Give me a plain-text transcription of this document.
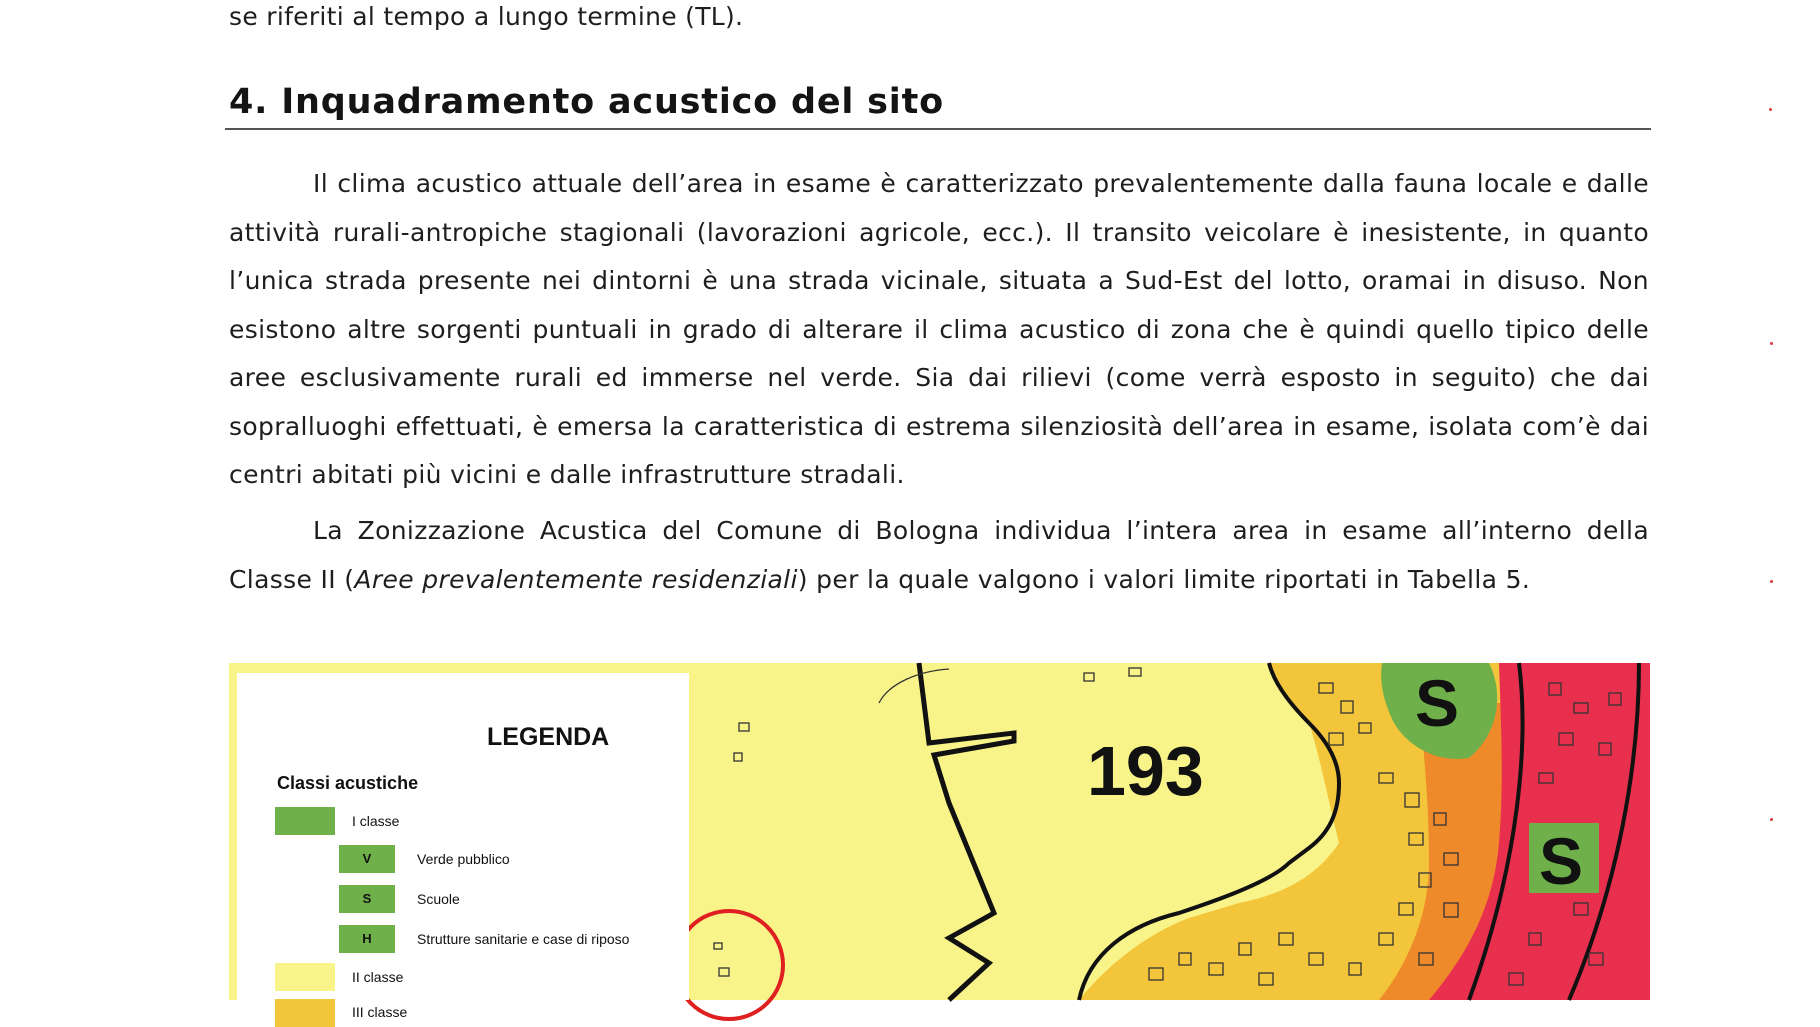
se riferiti al tempo a lungo termine (TL).
4. Inquadramento acustico del sito

Il clima acustico attuale dell’area in esame è caratterizzato prevalentemente dalla fauna locale e dalle attività rurali-antropiche stagionali (lavorazioni agricole, ecc.). Il transito veicolare è inesistente, in quanto l’unica strada presente nei dintorni è una strada vicinale, situata a Sud-Est del lotto, oramai in disuso. Non esistono altre sorgenti puntuali in grado di alterare il clima acustico di zona che è quindi quello tipico delle aree esclusivamente rurali ed immerse nel verde. Sia dai rilievi (come verrà esposto in seguito) che dai sopralluoghi effettuati, è emersa la caratteristica di estrema silenziosità dell’area in esame, isolata com’è dai centri abitati più vicini e dalle infrastrutture stradali.

La Zonizzazione Acustica del Comune di Bologna individua l’intera area in esame all’interno della Classe II (Aree prevalentemente residenziali) per la quale valgono i valori limite riportati in Tabella 5.

193
S
S
LEGENDA
Classi acustiche
I classe
V	Verde pubblico
S	Scuole
H	Strutture sanitarie e case di riposo
II classe
III classe
